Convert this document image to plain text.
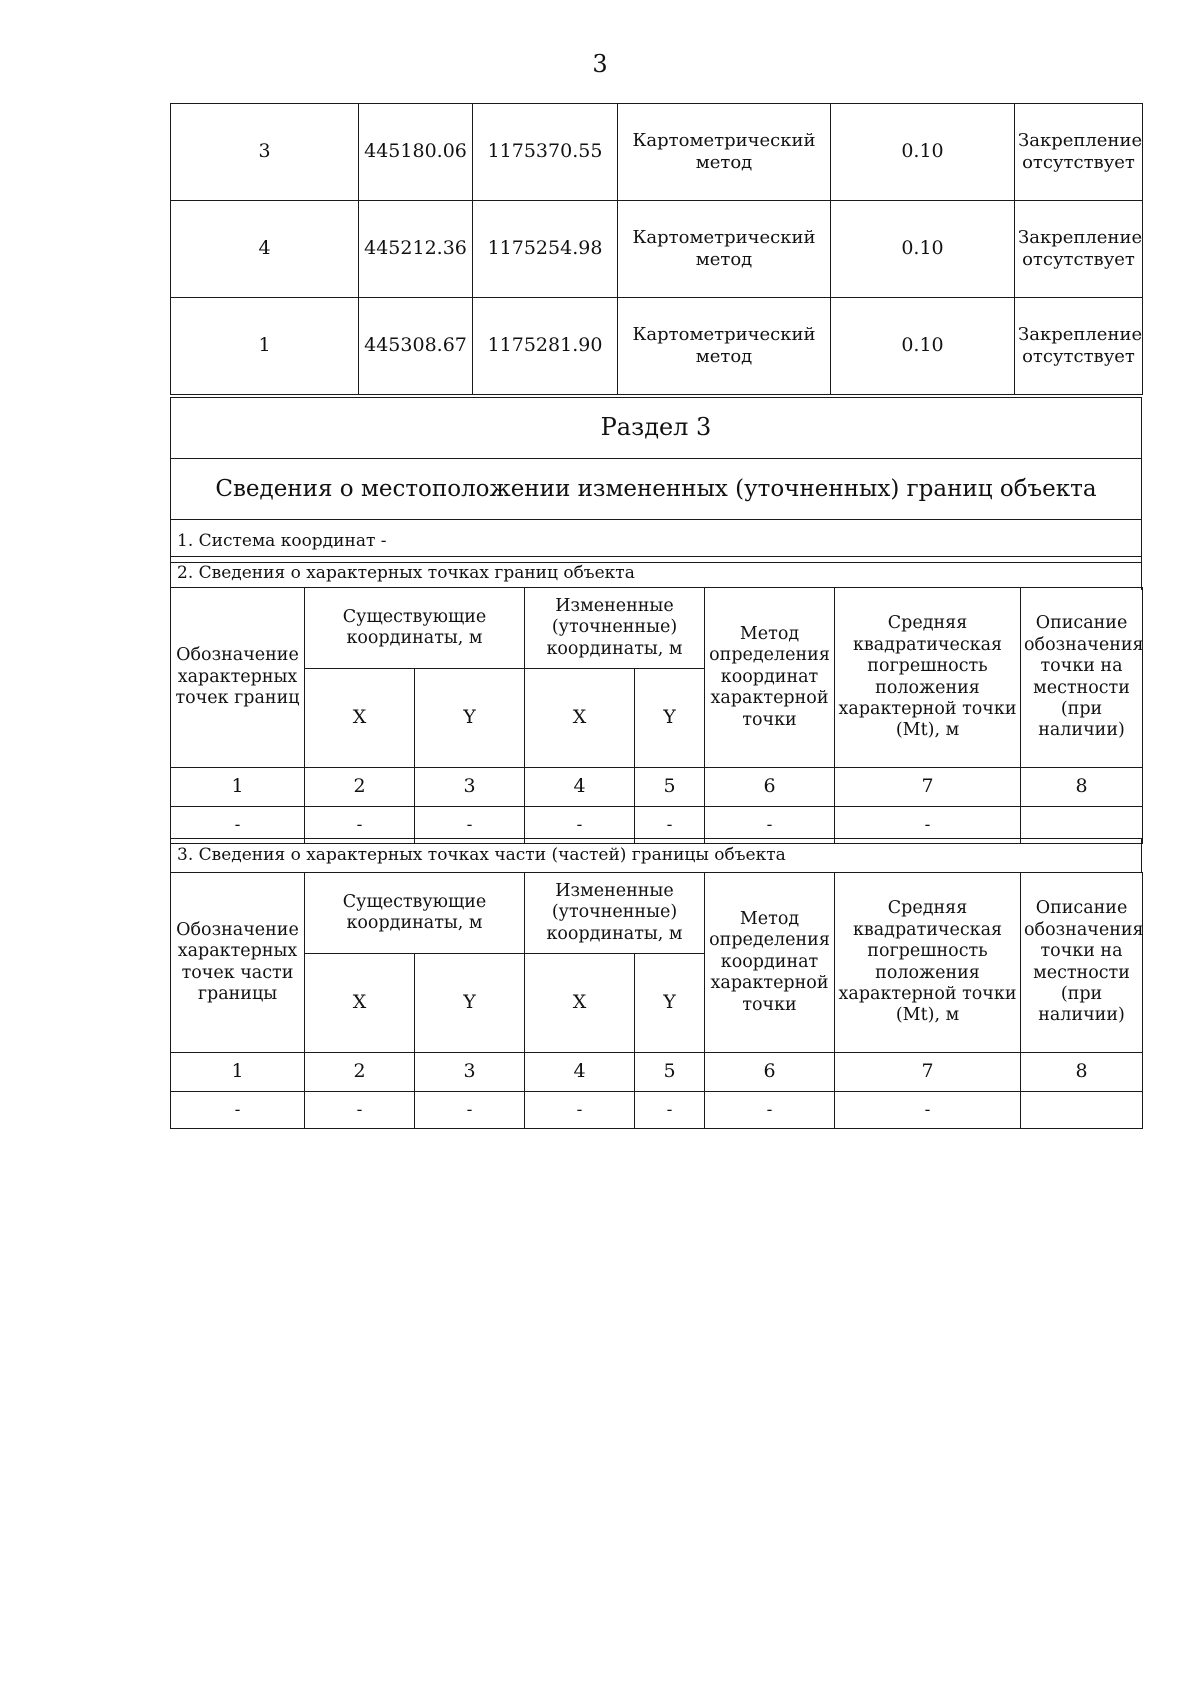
3
3	445180.06	1175370.55	Картометрический метод	0.10	Закрепление отсутствует
4	445212.36	1175254.98	Картометрический метод	0.10	Закрепление отсутствует
1	445308.67	1175281.90	Картометрический метод	0.10	Закрепление отсутствует
Раздел 3
Сведения о местоположении измененных (уточненных) границ объекта
1. Система координат -
2. Сведения о характерных точках границ объекта
Обозначение характерных точек границ	Существующие координаты, м		Измененные (уточненные) координаты, м		Метод определения координат характерной точки	Средняя квадратическая погрешность положения характерной точки (Mt), м	Описание обозначения точки на местности (при наличии)
	X	Y	X	Y			
1	2	3	4	5	6	7	8
-	-	-	-	-	-	-	
3. Сведения о характерных точках части (частей) границы объекта
Обозначение характерных точек части границы	Существующие координаты, м		Измененные (уточненные) координаты, м		Метод определения координат характерной точки	Средняя квадратическая погрешность положения характерной точки (Mt), м	Описание обозначения точки на местности (при наличии)
	X	Y	X	Y			
1	2	3	4	5	6	7	8
-	-	-	-	-	-	-	
